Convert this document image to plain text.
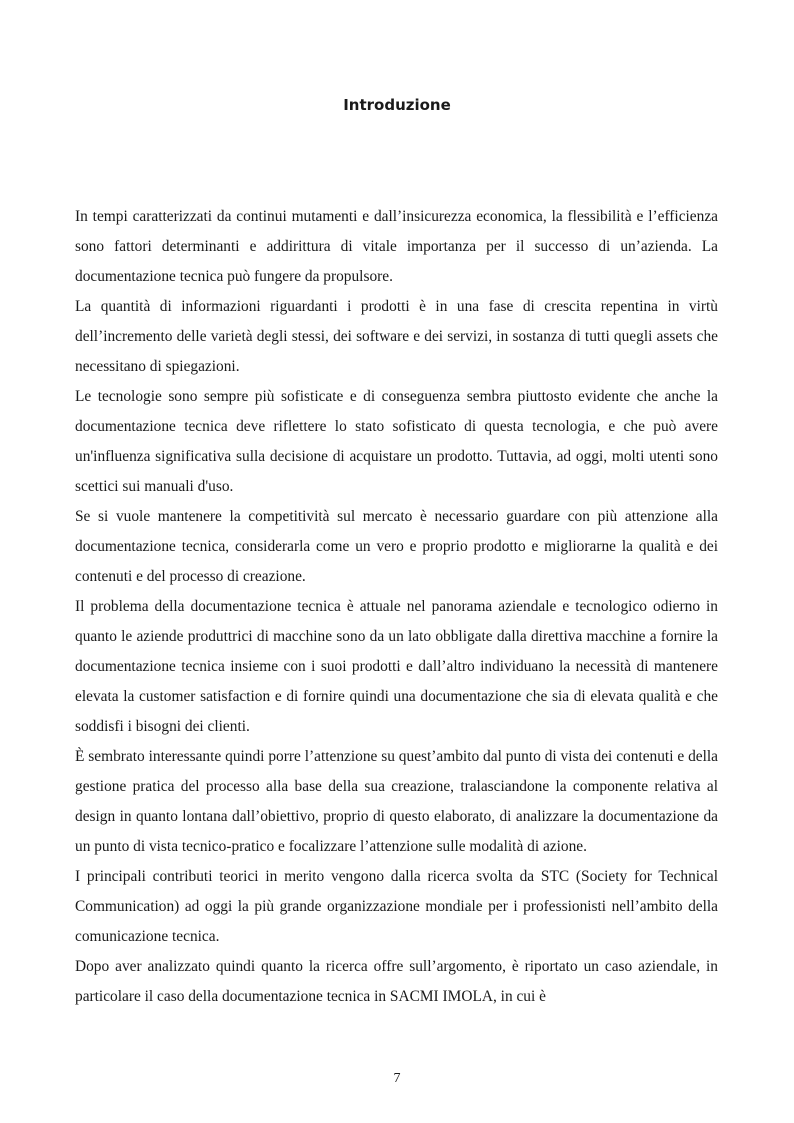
Introduzione

In tempi caratterizzati da continui mutamenti e dall’insicurezza economica, la flessibilità e l’efficienza sono fattori determinanti e addirittura di vitale importanza per il successo di un’azienda. La documentazione tecnica può fungere da propulsore.

La quantità di informazioni riguardanti i prodotti è in una fase di crescita repentina in virtù dell’incremento delle varietà degli stessi, dei software e dei servizi, in sostanza di tutti quegli assets che necessitano di spiegazioni.

Le tecnologie sono sempre più sofisticate e di conseguenza sembra piuttosto evidente che anche la documentazione tecnica deve riflettere lo stato sofisticato di questa tecnologia, e che può avere un'influenza significativa sulla decisione di acquistare un prodotto. Tuttavia, ad oggi, molti utenti sono scettici sui manuali d'uso.

Se si vuole mantenere la competitività sul mercato è necessario guardare con più attenzione alla documentazione tecnica, considerarla come un vero e proprio prodotto e migliorarne la qualità e dei contenuti e del processo di creazione.

Il problema della documentazione tecnica è attuale nel panorama aziendale e tecnologico odierno in quanto le aziende produttrici di macchine sono da un lato obbligate dalla direttiva macchine a fornire la documentazione tecnica insieme con i suoi prodotti e dall’altro individuano la necessità di mantenere elevata la customer satisfaction e di fornire quindi una documentazione che sia di elevata qualità e che soddisfi i bisogni dei clienti.

È sembrato interessante quindi porre l’attenzione su quest’ambito dal punto di vista dei contenuti e della gestione pratica del processo alla base della sua creazione, tralasciandone la componente relativa al design in quanto lontana dall’obiettivo, proprio di questo elaborato, di analizzare la documentazione da un punto di vista tecnico-pratico e focalizzare l’attenzione sulle modalità di azione.

I principali contributi teorici in merito vengono dalla ricerca svolta da STC (Society for Technical Communication) ad oggi la più grande organizzazione mondiale per i professionisti nell’ambito della comunicazione tecnica.

Dopo aver analizzato quindi quanto la ricerca offre sull’argomento, è riportato un caso aziendale, in particolare il caso della documentazione tecnica in SACMI IMOLA, in cui è

7
